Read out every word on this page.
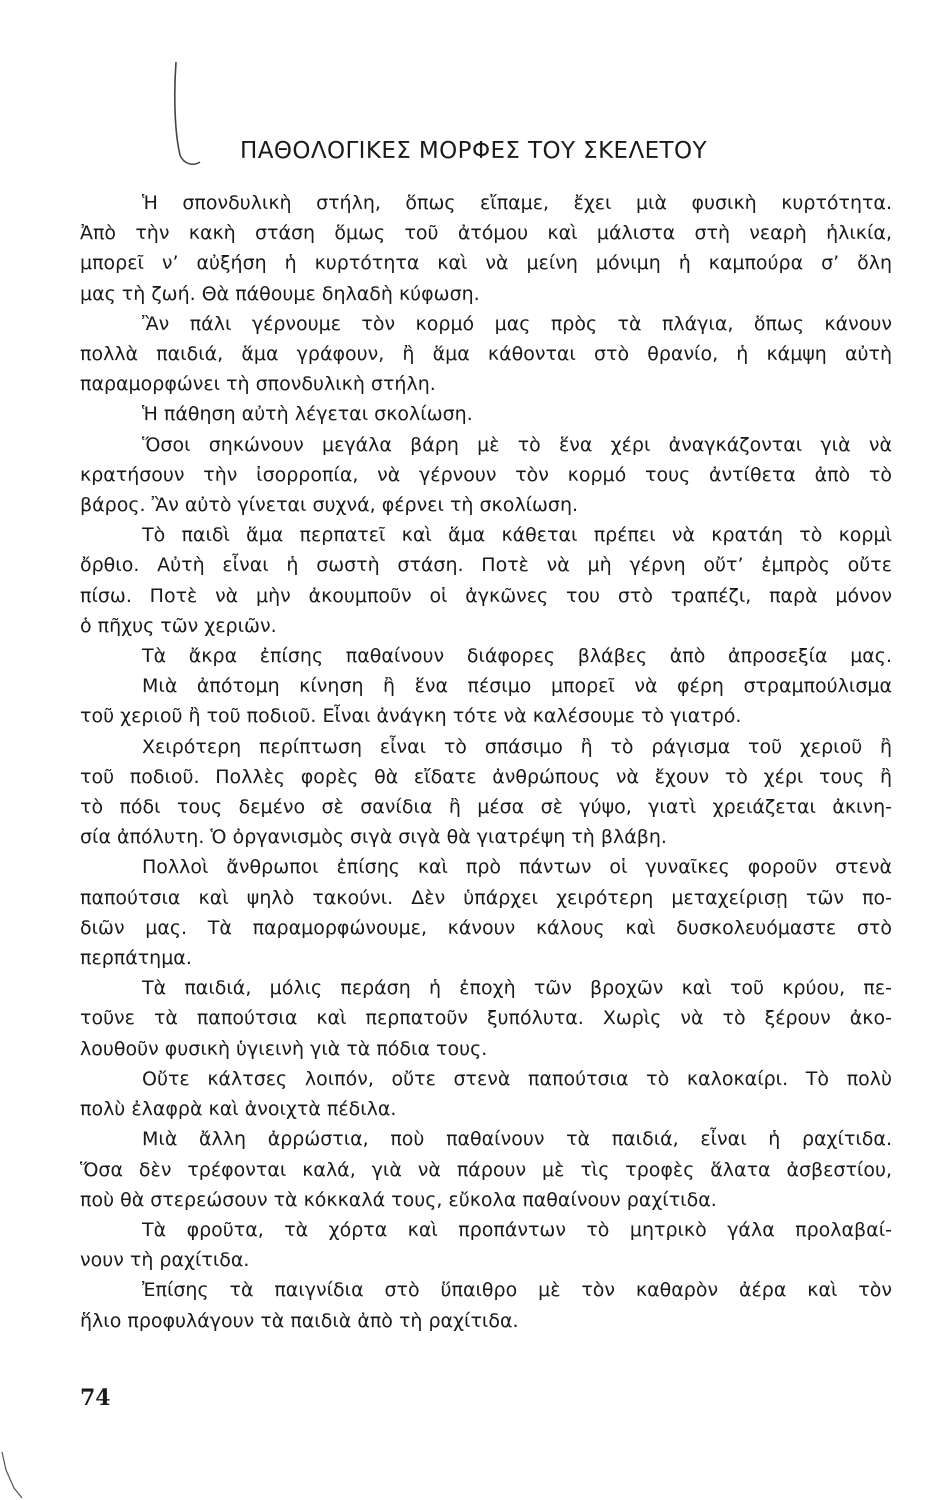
ΠΑΘΟΛΟΓΙΚΕΣ ΜΟΡΦΕΣ ΤΟΥ ΣΚΕΛΕΤΟΥ

Ἡ σπονδυλικὴ στήλη, ὅπως εἴπαμε, ἔχει μιὰ φυσικὴ κυρτότητα.

Ἀπὸ τὴν κακὴ στάση ὅμως τοῦ ἀτόμου καὶ μάλιστα στὴ νεαρὴ ἡλικία,

μπορεῖ ν’ αὐξήση ἡ κυρτότητα καὶ νὰ μείνη μόνιμη ἡ καμπούρα σ’ ὅλη

μας τὴ ζωή. Θὰ πάθουμε δηλαδὴ κύφωση.

Ἂν πάλι γέρνουμε τὸν κορμό μας πρὸς τὰ πλάγια, ὅπως κάνουν

πολλὰ παιδιά, ἅμα γράφουν, ἢ ἅμα κάθονται στὸ θρανίο, ἡ κάμψη αὐτὴ

παραμορφώνει τὴ σπονδυλικὴ στήλη.

Ἡ πάθηση αὐτὴ λέγεται σκολίωση.

Ὅσοι σηκώνουν μεγάλα βάρη μὲ τὸ ἕνα χέρι ἀναγκάζονται γιὰ νὰ

κρατήσουν τὴν ἰσορροπία, νὰ γέρνουν τὸν κορμό τους ἀντίθετα ἀπὸ τὸ

βάρος. Ἂν αὐτὸ γίνεται συχνά, φέρνει τὴ σκολίωση.

Τὸ παιδὶ ἅμα περπατεῖ καὶ ἅμα κάθεται πρέπει νὰ κρατάη τὸ κορμὶ

ὄρθιο. Αὐτὴ εἶναι ἡ σωστὴ στάση. Ποτὲ νὰ μὴ γέρνη οὔτ’ ἐμπρὸς οὔτε

πίσω. Ποτὲ νὰ μὴν ἀκουμποῦν οἱ ἀγκῶνες του στὸ τραπέζι, παρὰ μόνον

ὁ πῆχυς τῶν χεριῶν.

Τὰ ἄκρα ἐπίσης παθαίνουν διάφορες βλάβες ἀπὸ ἀπροσεξία μας.

Μιὰ ἀπότομη κίνηση ἢ ἕνα πέσιμο μπορεῖ νὰ φέρη στραμπούλισμα

τοῦ χεριοῦ ἢ τοῦ ποδιοῦ. Εἶναι ἀνάγκη τότε νὰ καλέσουμε τὸ γιατρό.

Χειρότερη περίπτωση εἶναι τὸ σπάσιμο ἢ τὸ ράγισμα τοῦ χεριοῦ ἢ

τοῦ ποδιοῦ. Πολλὲς φορὲς θὰ εἴδατε ἀνθρώπους νὰ ἔχουν τὸ χέρι τους ἢ

τὸ πόδι τους δεμένο σὲ σανίδια ἢ μέσα σὲ γύψο, γιατὶ χρειάζεται ἀκινη-

σία ἀπόλυτη. Ὁ ὀργανισμὸς σιγὰ σιγὰ θὰ γιατρέψη τὴ βλάβη.

Πολλοὶ ἄνθρωποι ἐπίσης καὶ πρὸ πάντων οἱ γυναῖκες φοροῦν στενὰ

παπούτσια καὶ ψηλὸ τακούνι. Δὲν ὑπάρχει χειρότερη μεταχείρισῃ τῶν πο-

διῶν μας. Τὰ παραμορφώνουμε, κάνουν κάλους καὶ δυσκολευόμαστε στὸ

περπάτημα.

Τὰ παιδιά, μόλις περάση ἡ ἐποχὴ τῶν βροχῶν καὶ τοῦ κρύου, πε-

τοῦνε τὰ παπούτσια καὶ περπατοῦν ξυπόλυτα. Χωρὶς νὰ τὸ ξέρουν ἀκο-

λουθοῦν φυσικὴ ὑγιεινὴ γιὰ τὰ πόδια τους.

Οὔτε κάλτσες λοιπόν, οὔτε στενὰ παπούτσια τὸ καλοκαίρι. Τὸ πολὺ

πολὺ ἐλαφρὰ καὶ ἀνοιχτὰ πέδιλα.

Μιὰ ἄλλη ἀρρώστια, ποὺ παθαίνουν τὰ παιδιά, εἶναι ἡ ραχίτιδα.

Ὅσα δὲν τρέφονται καλά, γιὰ νὰ πάρουν μὲ τὶς τροφὲς ἅλατα ἀσβεστίου,

ποὺ θὰ στερεώσουν τὰ κόκκαλά τους, εὔκολα παθαίνουν ραχίτιδα.

Τὰ φροῦτα, τὰ χόρτα καὶ προπάντων τὸ μητρικὸ γάλα προλαβαί-

νουν τὴ ραχίτιδα.

Ἐπίσης τὰ παιγνίδια στὸ ὕπαιθρο μὲ τὸν καθαρὸν ἀέρα καὶ τὸν

ἥλιο προφυλάγουν τὰ παιδιὰ ἀπὸ τὴ ραχίτιδα.

74
